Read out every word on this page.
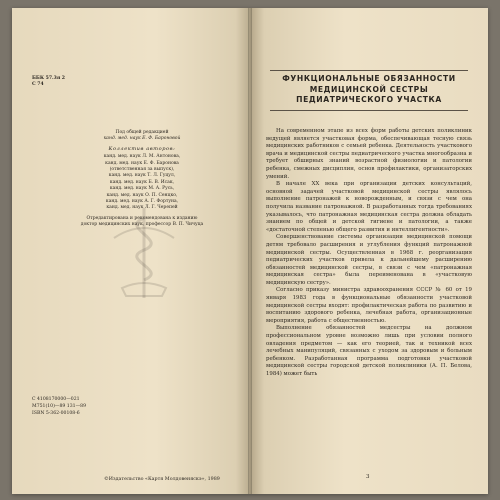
ББК 57.3я 2
С 74

Под общей редакцией
канд. мед. наук Е. Ф. Бароновой
Коллектив авторов:
канд. мед. наук Л. М. Антонова,
канд. мед. наук Е. Ф. Баронова
(ответственная за выпуск),
канд. мед. наук Т. Л. Гуцул,
канд. мед. наук Б. В. Исак,
канд. мед. наук М. А. Русь,
канд. мед. наук О. П. Сенцко,
канд. мед. наук А. Г. Фортуна,
канд. мед. наук Л. Г. Черепей
Отредактирована и рекомендована к изданию
доктор медицинских наук, профессор В. П. Чичуца
С 4108170000—021
М751(10)—89 131—89
ISBN 5-362-00108-6
©Издательство «Картя Молдовеняскэ», 1989
ФУНКЦИОНАЛЬНЫЕ ОБЯЗАННОСТИ
МЕДИЦИНСКОЙ СЕСТРЫ
ПЕДИАТРИЧЕСКОГО УЧАСТКА

На современном этапе из всех форм работы детских поликлиник ведущей является участковая форма, обеспечивающая тесную связь медицинских работников с семьей ребенка. Деятельность участкового врача и медицинской сестры педиатрического участка многообразна и требует обширных знаний возрастной физиологии и патологии ребенка, смежных дисциплин, основ профилактики, организаторских умений.

В начале XX века при организации детских консультаций, основной задачей участковой медицинской сестры являлось выполнение патронажей к новорожденным, и связи с чем она получила название патронажной. В разработанных тогда требованиях указывалось, что патронажная медицинская сестра должна обладать знанием по общей и детской гигиене и патологии, а также «достаточной степенью общего развития и интеллигентности».

Совершенствование системы организации медицинской помощи детям требовало расширения и углубления функций патронажной медицинской сестры. Осуществленная в 1968 г. реорганизация педиатрических участков привела к дальнейшему расширению обязанностей медицинской сестры, в связи с чем «патронажная медицинская сестра» была переименована в «участковую медицинскую сестру».

Согласно приказу министра здравоохранения СССР № 60 от 19 января 1983 года в функциональные обязанности участковой медицинской сестры входят: профилактическая работа по развитию и воспитанию здорового ребенка, лечебная работа, организационные мероприятия, работа с общественностью.

Выполнение обязанностей медсестры на должном профессиональном уровне возможно лишь при условии полного овладения предметом — как его теорией, так и техникой всех лечебных манипуляций, связанных с уходом за здоровым и больным ребенком. Разработанная программа подготовки участковой медицинской сестры городской детской поликлиники (А. П. Белова, 1984) может быть

3
